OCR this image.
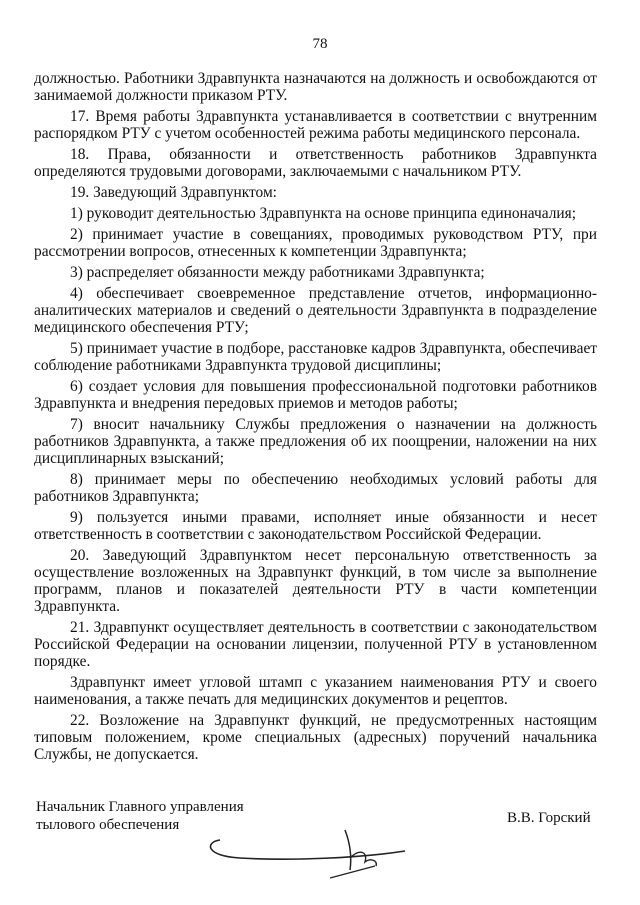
78

должностью. Работники Здравпункта назначаются на должность и освобождаются от занимаемой должности приказом РТУ.

17. Время работы Здравпункта устанавливается в соответствии с внутренним распорядком РТУ с учетом особенностей режима работы медицинского персонала.

18. Права, обязанности и ответственность работников Здравпункта определяются трудовыми договорами, заключаемыми с начальником РТУ.

19. Заведующий Здравпунктом:

1) руководит деятельностью Здравпункта на основе принципа единоначалия;

2) принимает участие в совещаниях, проводимых руководством РТУ, при рассмотрении вопросов, отнесенных к компетенции Здравпункта;

3) распределяет обязанности между работниками Здравпункта;

4) обеспечивает своевременное представление отчетов, информационно-аналитических материалов и сведений о деятельности Здравпункта в подразделение медицинского обеспечения РТУ;

5) принимает участие в подборе, расстановке кадров Здравпункта, обеспечивает соблюдение работниками Здравпункта трудовой дисциплины;

6) создает условия для повышения профессиональной подготовки работников Здравпункта и внедрения передовых приемов и методов работы;

7) вносит начальнику Службы предложения о назначении на должность работников Здравпункта, а также предложения об их поощрении, наложении на них дисциплинарных взысканий;

8) принимает меры по обеспечению необходимых условий работы для работников Здравпункта;

9) пользуется иными правами, исполняет иные обязанности и несет ответственность в соответствии с законодательством Российской Федерации.

20. Заведующий Здравпунктом несет персональную ответственность за осуществление возложенных на Здравпункт функций, в том числе за выполнение программ, планов и показателей деятельности РТУ в части компетенции Здравпункта.

21. Здравпункт осуществляет деятельность в соответствии с законодательством Российской Федерации на основании лицензии, полученной РТУ в установленном порядке.

Здравпункт имеет угловой штамп с указанием наименования РТУ и своего наименования, а также печать для медицинских документов и рецептов.

22. Возложение на Здравпункт функций, не предусмотренных настоящим типовым положением, кроме специальных (адресных) поручений начальника Службы, не допускается.

Начальник Главного управления
тылового обеспечения	В.В. Горский
